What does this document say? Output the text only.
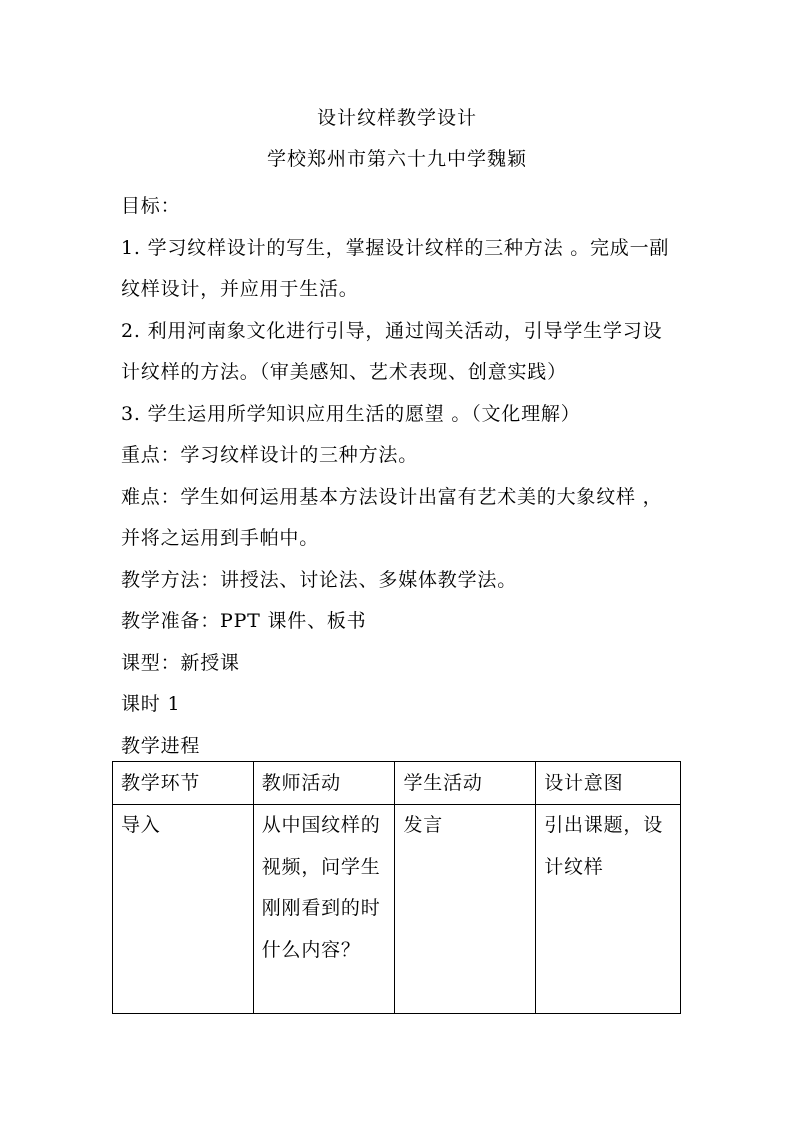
设计纹样教学设计
学校郑州市第六十九中学魏颖

目标：

1. 学习纹样设计的写生，掌握设计纹样的三种方法 。完成一副纹样设计，并应用于生活。

2. 利用河南象文化进行引导，通过闯关活动，引导学生学习设计纹样的方法。（审美感知、艺术表现、创意实践）

3. 学生运用所学知识应用生活的愿望 。（文化理解）

重点：学习纹样设计的三种方法。

难点：学生如何运用基本方法设计出富有艺术美的大象纹样 ，并将之运用到手帕中。

教学方法：讲授法、讨论法、多媒体教学法。

教学准备：PPT 课件、板书

课型：新授课

课时 1

教学进程

教学环节	教师活动	学生活动	设计意图
导入	从中国纹样的视频，问学生刚刚看到的时什么内容？	发言	引出课题，设计纹样
